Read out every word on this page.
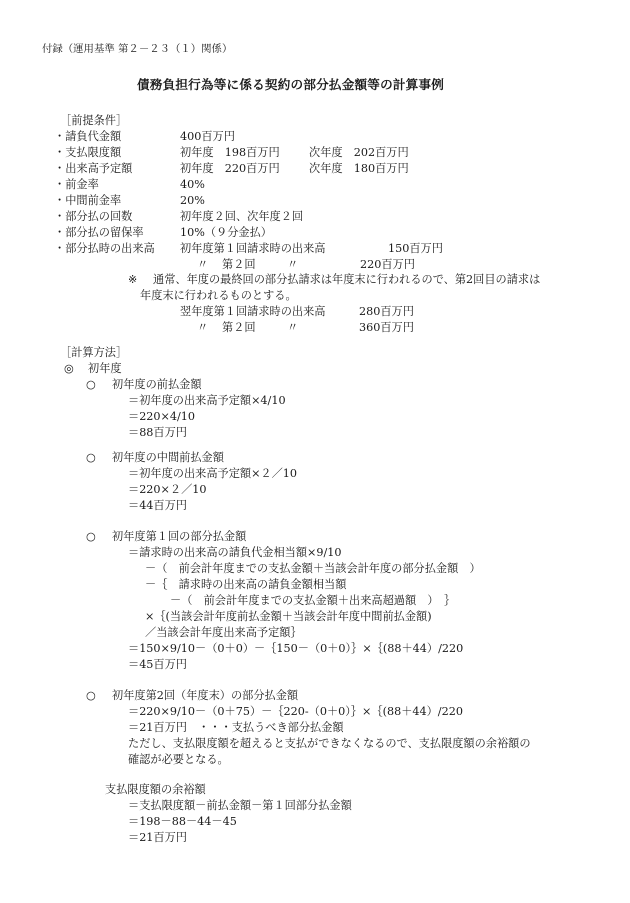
付録（運用基準 第２－２３（１）関係）
債務負担行為等に係る契約の部分払金額等の計算事例
［前提条件］
・請負代金額	400百万円
・支払限度額	初年度　198百万円	次年度　202百万円
・出来高予定額	初年度　220百万円	次年度　180百万円
・前金率	40%
・中間前金率	20%
・部分払の回数	初年度２回、次年度２回
・部分払の留保率	10%（９分金払）
・部分払時の出来高 初年度第１回請求時の出来高	150百万円
〃 第２回	〃	220百万円
※ 通常、年度の最終回の部分払請求は年度末に行われるので、第2回目の請求は
年度末に行われるものとする。
翌年度第１回請求時の出来高	280百万円
〃 第２回	〃	360百万円
［計算方法］
◎ 初年度
○ 初年度の前払金額
＝初年度の出来高予定額×4/10
＝220×4/10
＝88百万円
○ 初年度の中間前払金額
＝初年度の出来高予定額×２／10
＝220×２／10
＝44百万円
○ 初年度第１回の部分払金額
＝請求時の出来高の請負代金相当額×9/10
－（　前会計年度までの支払金額＋当該会計年度の部分払金額　）
－｛　請求時の出来高の請負金額相当額
－（　前会計年度までの支払金額＋出来高超過額　）　｝
×｛(当該会計年度前払金額＋当該会計年度中間前払金額)
／当該会計年度出来高予定額｝
＝150×9/10－（0＋0）－｛150－（0＋0）｝×｛(88＋44）/220
＝45百万円
○ 初年度第2回（年度末）の部分払金額
＝220×9/10－（0＋75）－｛220-（0＋0）｝×｛(88＋44）/220
＝21百万円　・・・支払うべき部分払金額
ただし、支払限度額を超えると支払ができなくなるので、支払限度額の余裕額の
確認が必要となる。
支払限度額の余裕額
＝支払限度額－前払金額－第１回部分払金額
＝198－88－44－45
＝21百万円
